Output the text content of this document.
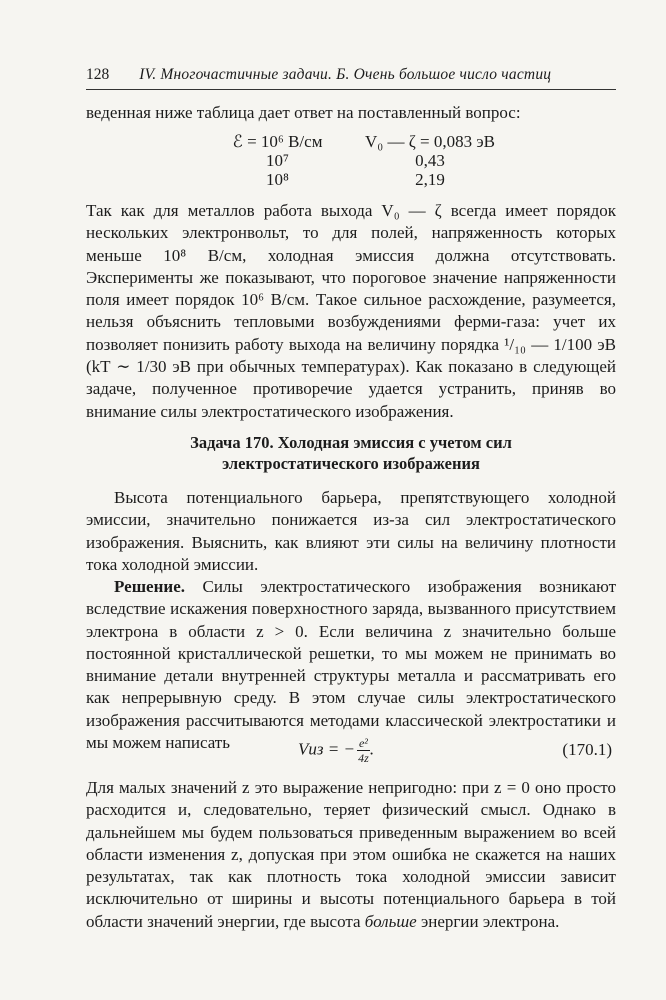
128 IV. Многочастичные задачи. Б. Очень большое число частиц

веденная ниже таблица дает ответ на поставленный вопрос:

ℰ = 10⁶ В/см	V₀ — ζ = 0,083 эВ
10⁷	0,43
10⁸	2,19

Так как для металлов работа выхода V₀ — ζ всегда имеет порядок нескольких электронвольт, то для полей, напряженность которых меньше 10⁸ В/см, холодная эмиссия должна отсутствовать. Эксперименты же показывают, что пороговое значение напряженности поля имеет порядок 10⁶ В/см. Такое сильное расхождение, разумеется, нельзя объяснить тепловыми возбуждениями ферми-газа: учет их позволяет понизить работу выхода на величину порядка ¹/₁₀ — 1/100 эВ (kT ∼ 1/30 эВ при обычных температурах). Как показано в следующей задаче, полученное противоречие удается устранить, приняв во внимание силы электростатического изображения.

Задача 170. Холодная эмиссия с учетом сил
электростатического изображения

Высота потенциального барьера, препятствующего холодной эмиссии, значительно понижается из-за сил электростатического изображения. Выяснить, как влияют эти силы на величину плотности тока холодной эмиссии.

Решение. Силы электростатического изображения возникают вследствие искажения поверхностного заряда, вызванного присутствием электрона в области z > 0. Если величина z значительно больше постоянной кристаллической решетки, то мы можем не принимать во внимание детали внутренней структуры металла и рассматривать его как непрерывную среду. В этом случае силы электростатического изображения рассчитываются методами классической электростатики и мы можем написать	Vиз = − $\frac{\text{e²}}{4z}$ .	(170.1)

Для малых значений z это выражение непригодно: при z = 0 оно просто расходится и, следовательно, теряет физический смысл. Однако в дальнейшем мы будем пользоваться приведенным выражением во всей области изменения z, допуская при этом ошибка не скажется на наших результатах, так как плотность тока холодной эмиссии зависит исключительно от ширины и высоты потенциального барьера в той области значений энергии, где высота больше энергии электрона.
